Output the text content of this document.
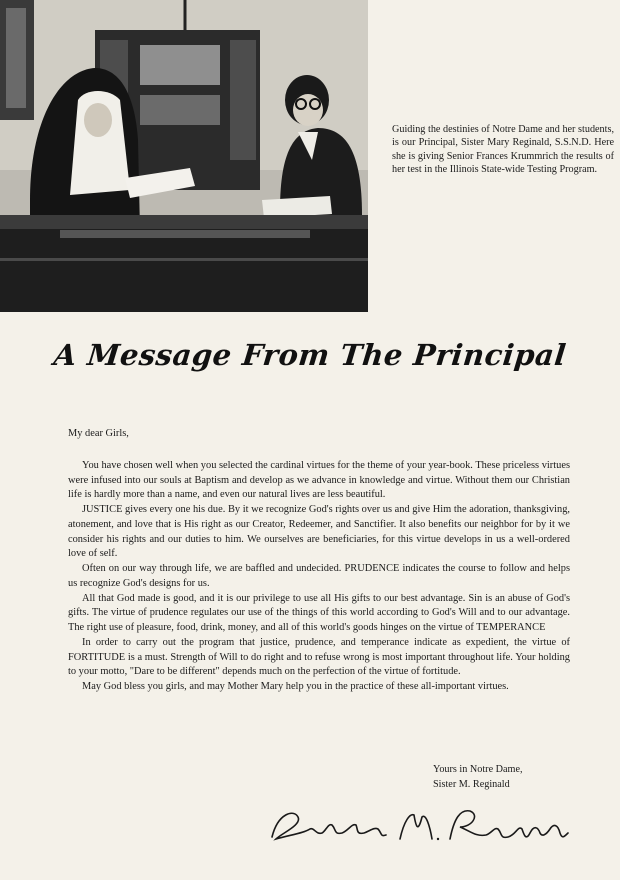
Guiding the destinies of Notre Dame and her students, is our Principal, Sister Mary Reginald, S.S.N.D. Here she is giving Senior Frances Krummrich the results of her test in the Illinois State-wide Testing Program.

A Message From The Principal

My dear Girls,

You have chosen well when you selected the cardinal virtues for the theme of your year-book. These priceless virtues were infused into our souls at Baptism and develop as we advance in knowledge and virtue. Without them our Christian life is hardly more than a name, and even our natural lives are less beautiful.

JUSTICE gives every one his due. By it we recognize God's rights over us and give Him the adoration, thanksgiving, atonement, and love that is His right as our Creator, Redeemer, and Sanctifier. It also benefits our neighbor for by it we consider his rights and our duties to him. We ourselves are beneficiaries, for this virtue develops in us a well-ordered love of self.

Often on our way through life, we are baffled and undecided. PRUDENCE indicates the course to follow and helps us recognize God's designs for us.

All that God made is good, and it is our privilege to use all His gifts to our best advantage. Sin is an abuse of God's gifts. The virtue of prudence regulates our use of the things of this world according to God's Will and to our advantage. The right use of pleasure, food, drink, money, and all of this world's goods hinges on the virtue of TEMPERANCE

In order to carry out the program that justice, prudence, and temperance indicate as expedient, the virtue of FORTITUDE is a must. Strength of Will to do right and to refuse wrong is most important throughout life. Your holding to your motto, "Dare to be different" depends much on the perfection of the virtue of fortitude.

May God bless you girls, and may Mother Mary help you in the practice of these all-important virtues.

Yours in Notre Dame,
Sister M. Reginald
